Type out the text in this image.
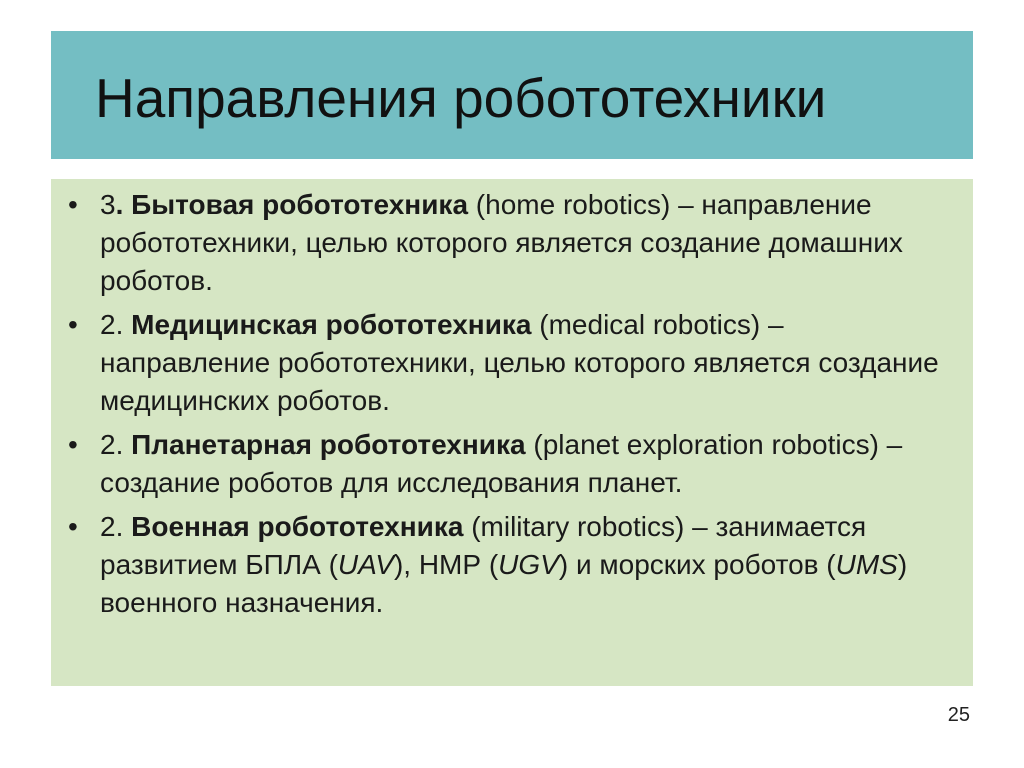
Направления робототехники
• 3. Бытовая робототехника (home robotics) – направление робототехники, целью которого является создание домашних роботов.
• 2. Медицинская робототехника (medical robotics) – направление робототехники, целью которого является создание медицинских роботов.
• 2. Планетарная робототехника (planet exploration robotics) – создание роботов для исследования планет.
• 2. Военная робототехника (military robotics) – занимается развитием БПЛА (UAV), НМР (UGV) и морских роботов (UMS) военного назначения.
25
